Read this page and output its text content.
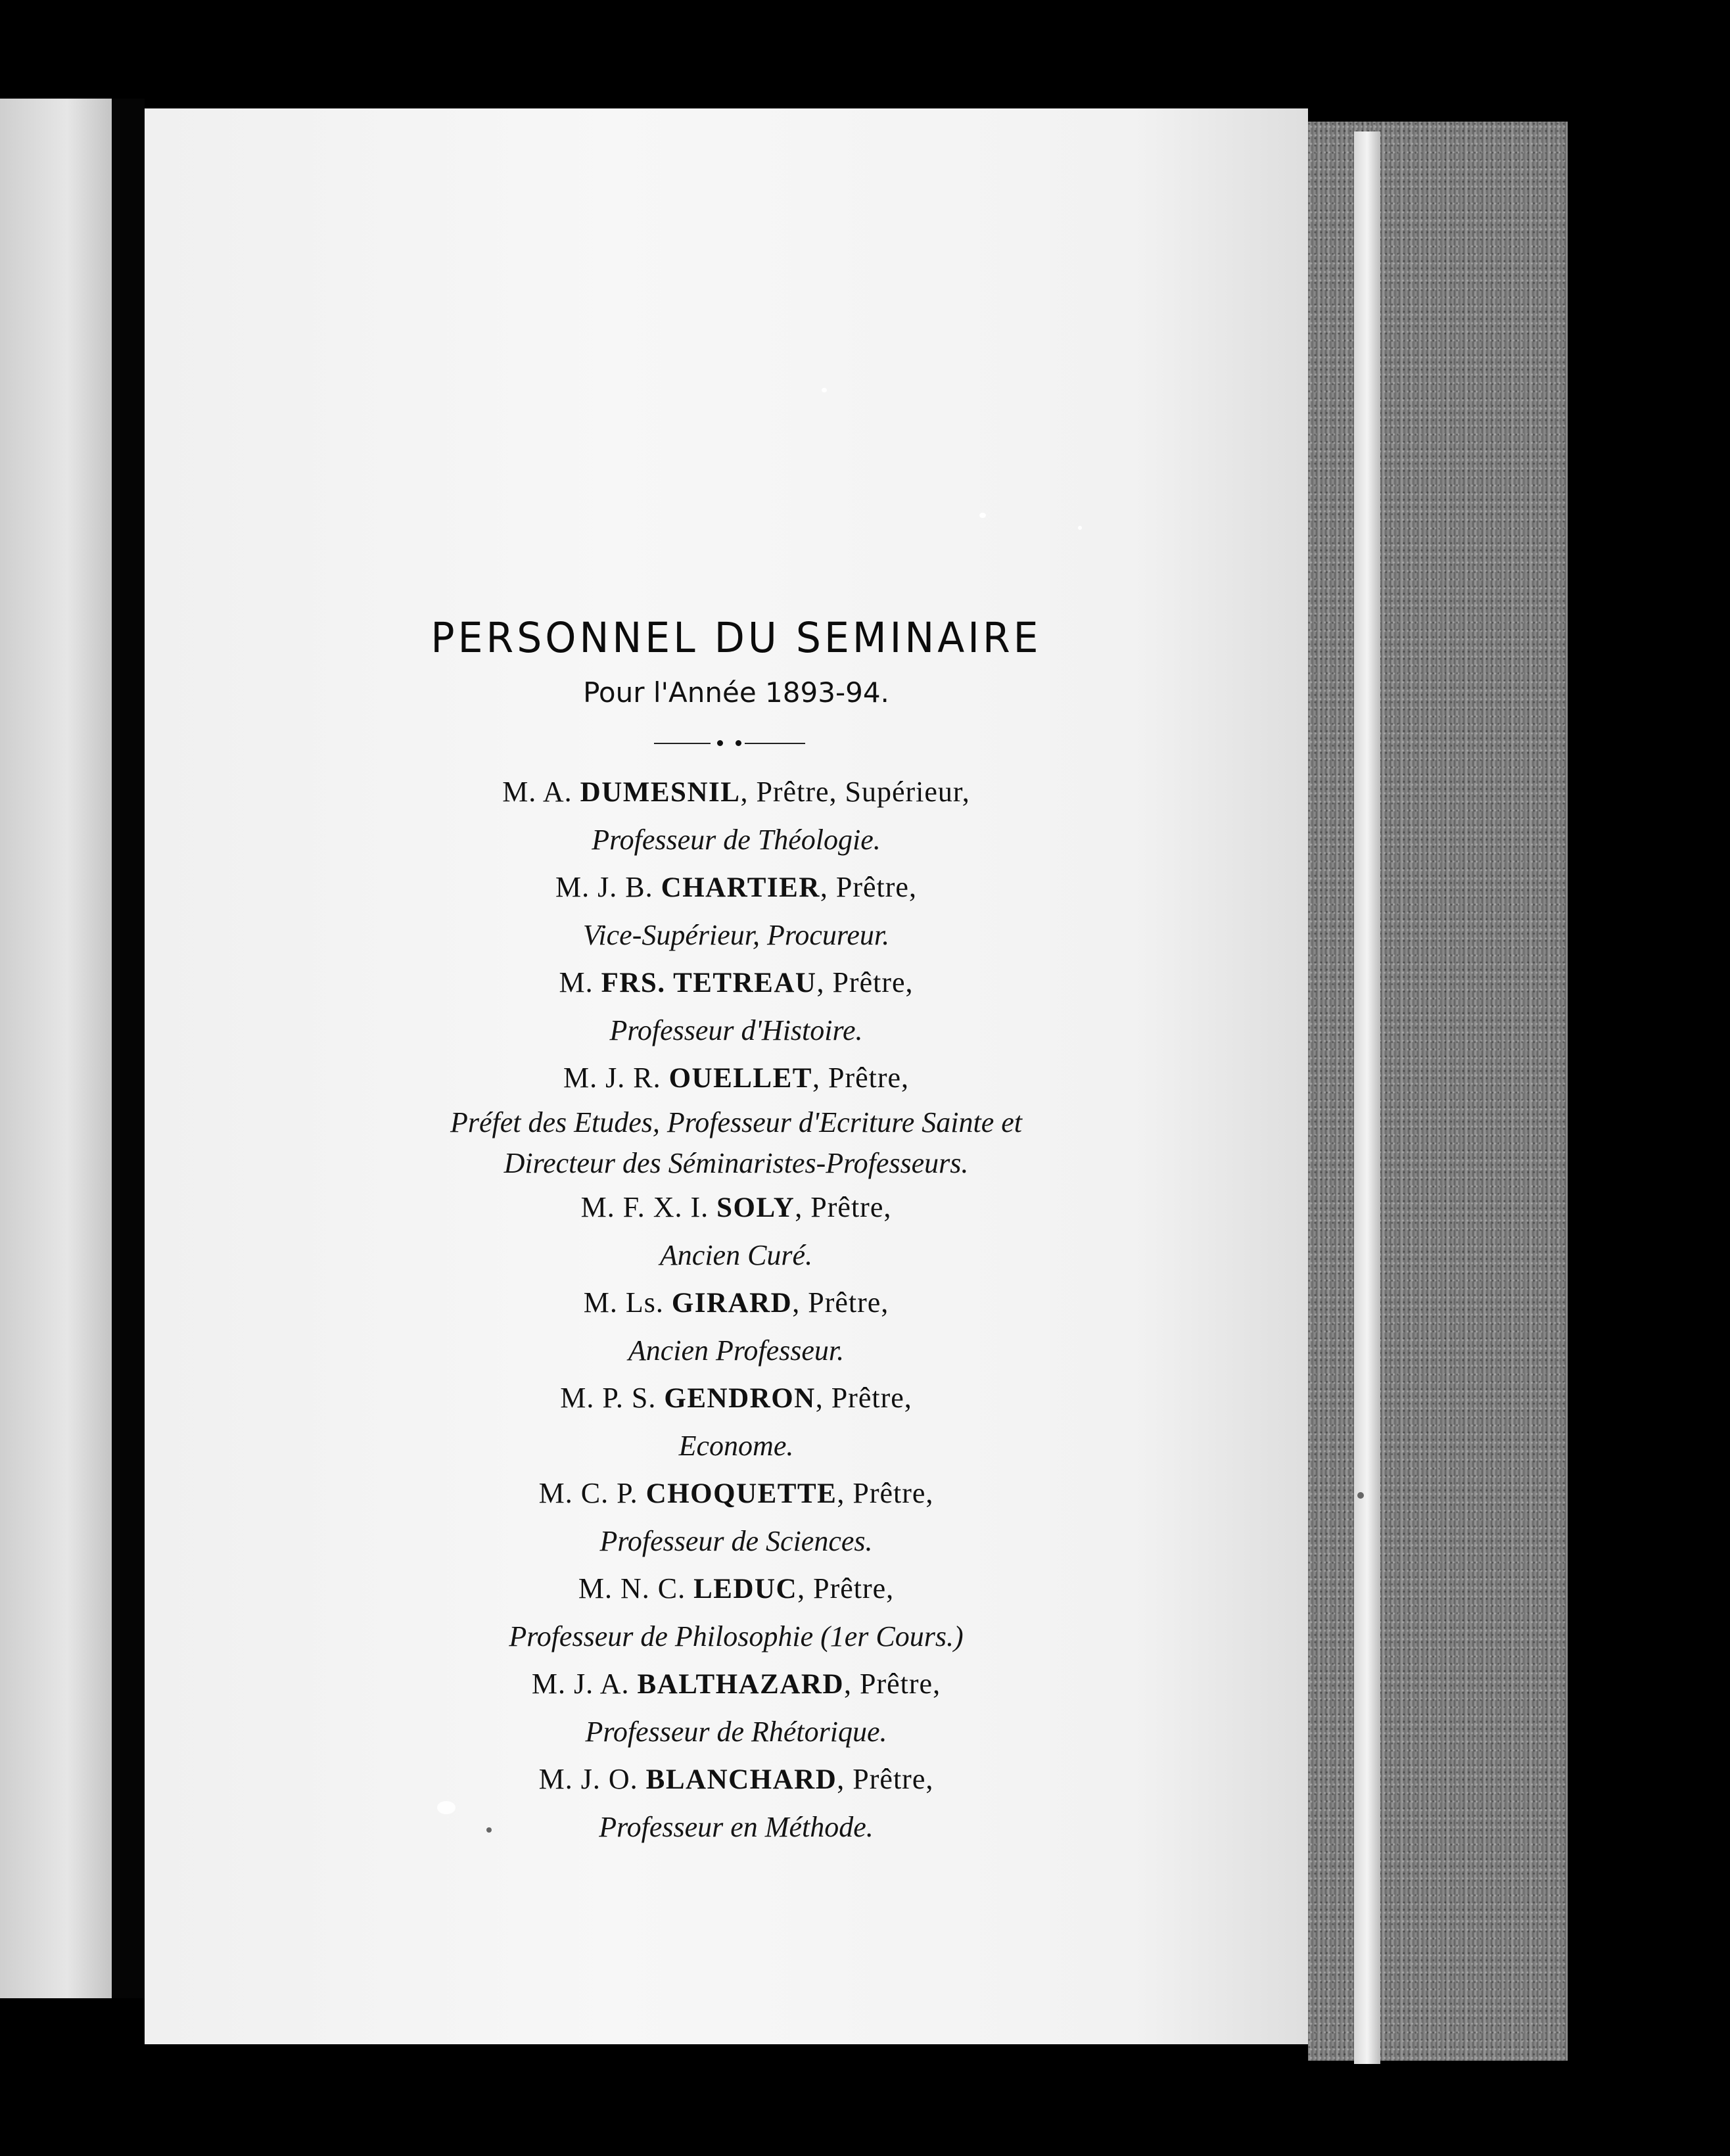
PERSONNEL DU SEMINAIRE
Pour l'Année 1893-94.
M. A. DUMESNIL, Prêtre, Supérieur,
Professeur de Théologie.
M. J. B. CHARTIER, Prêtre,
Vice-Supérieur, Procureur.
M. FRS. TETREAU, Prêtre,
Professeur d'Histoire.
M. J. R. OUELLET, Prêtre,
Préfet des Etudes, Professeur d'Ecriture Sainte et
Directeur des Séminaristes-Professeurs.
M. F. X. I. SOLY, Prêtre,
Ancien Curé.
M. Ls. GIRARD, Prêtre,
Ancien Professeur.
M. P. S. GENDRON, Prêtre,
Econome.
M. C. P. CHOQUETTE, Prêtre,
Professeur de Sciences.
M. N. C. LEDUC, Prêtre,
Professeur de Philosophie (1er Cours.)
M. J. A. BALTHAZARD, Prêtre,
Professeur de Rhétorique.
M. J. O. BLANCHARD, Prêtre,
Professeur en Méthode.
